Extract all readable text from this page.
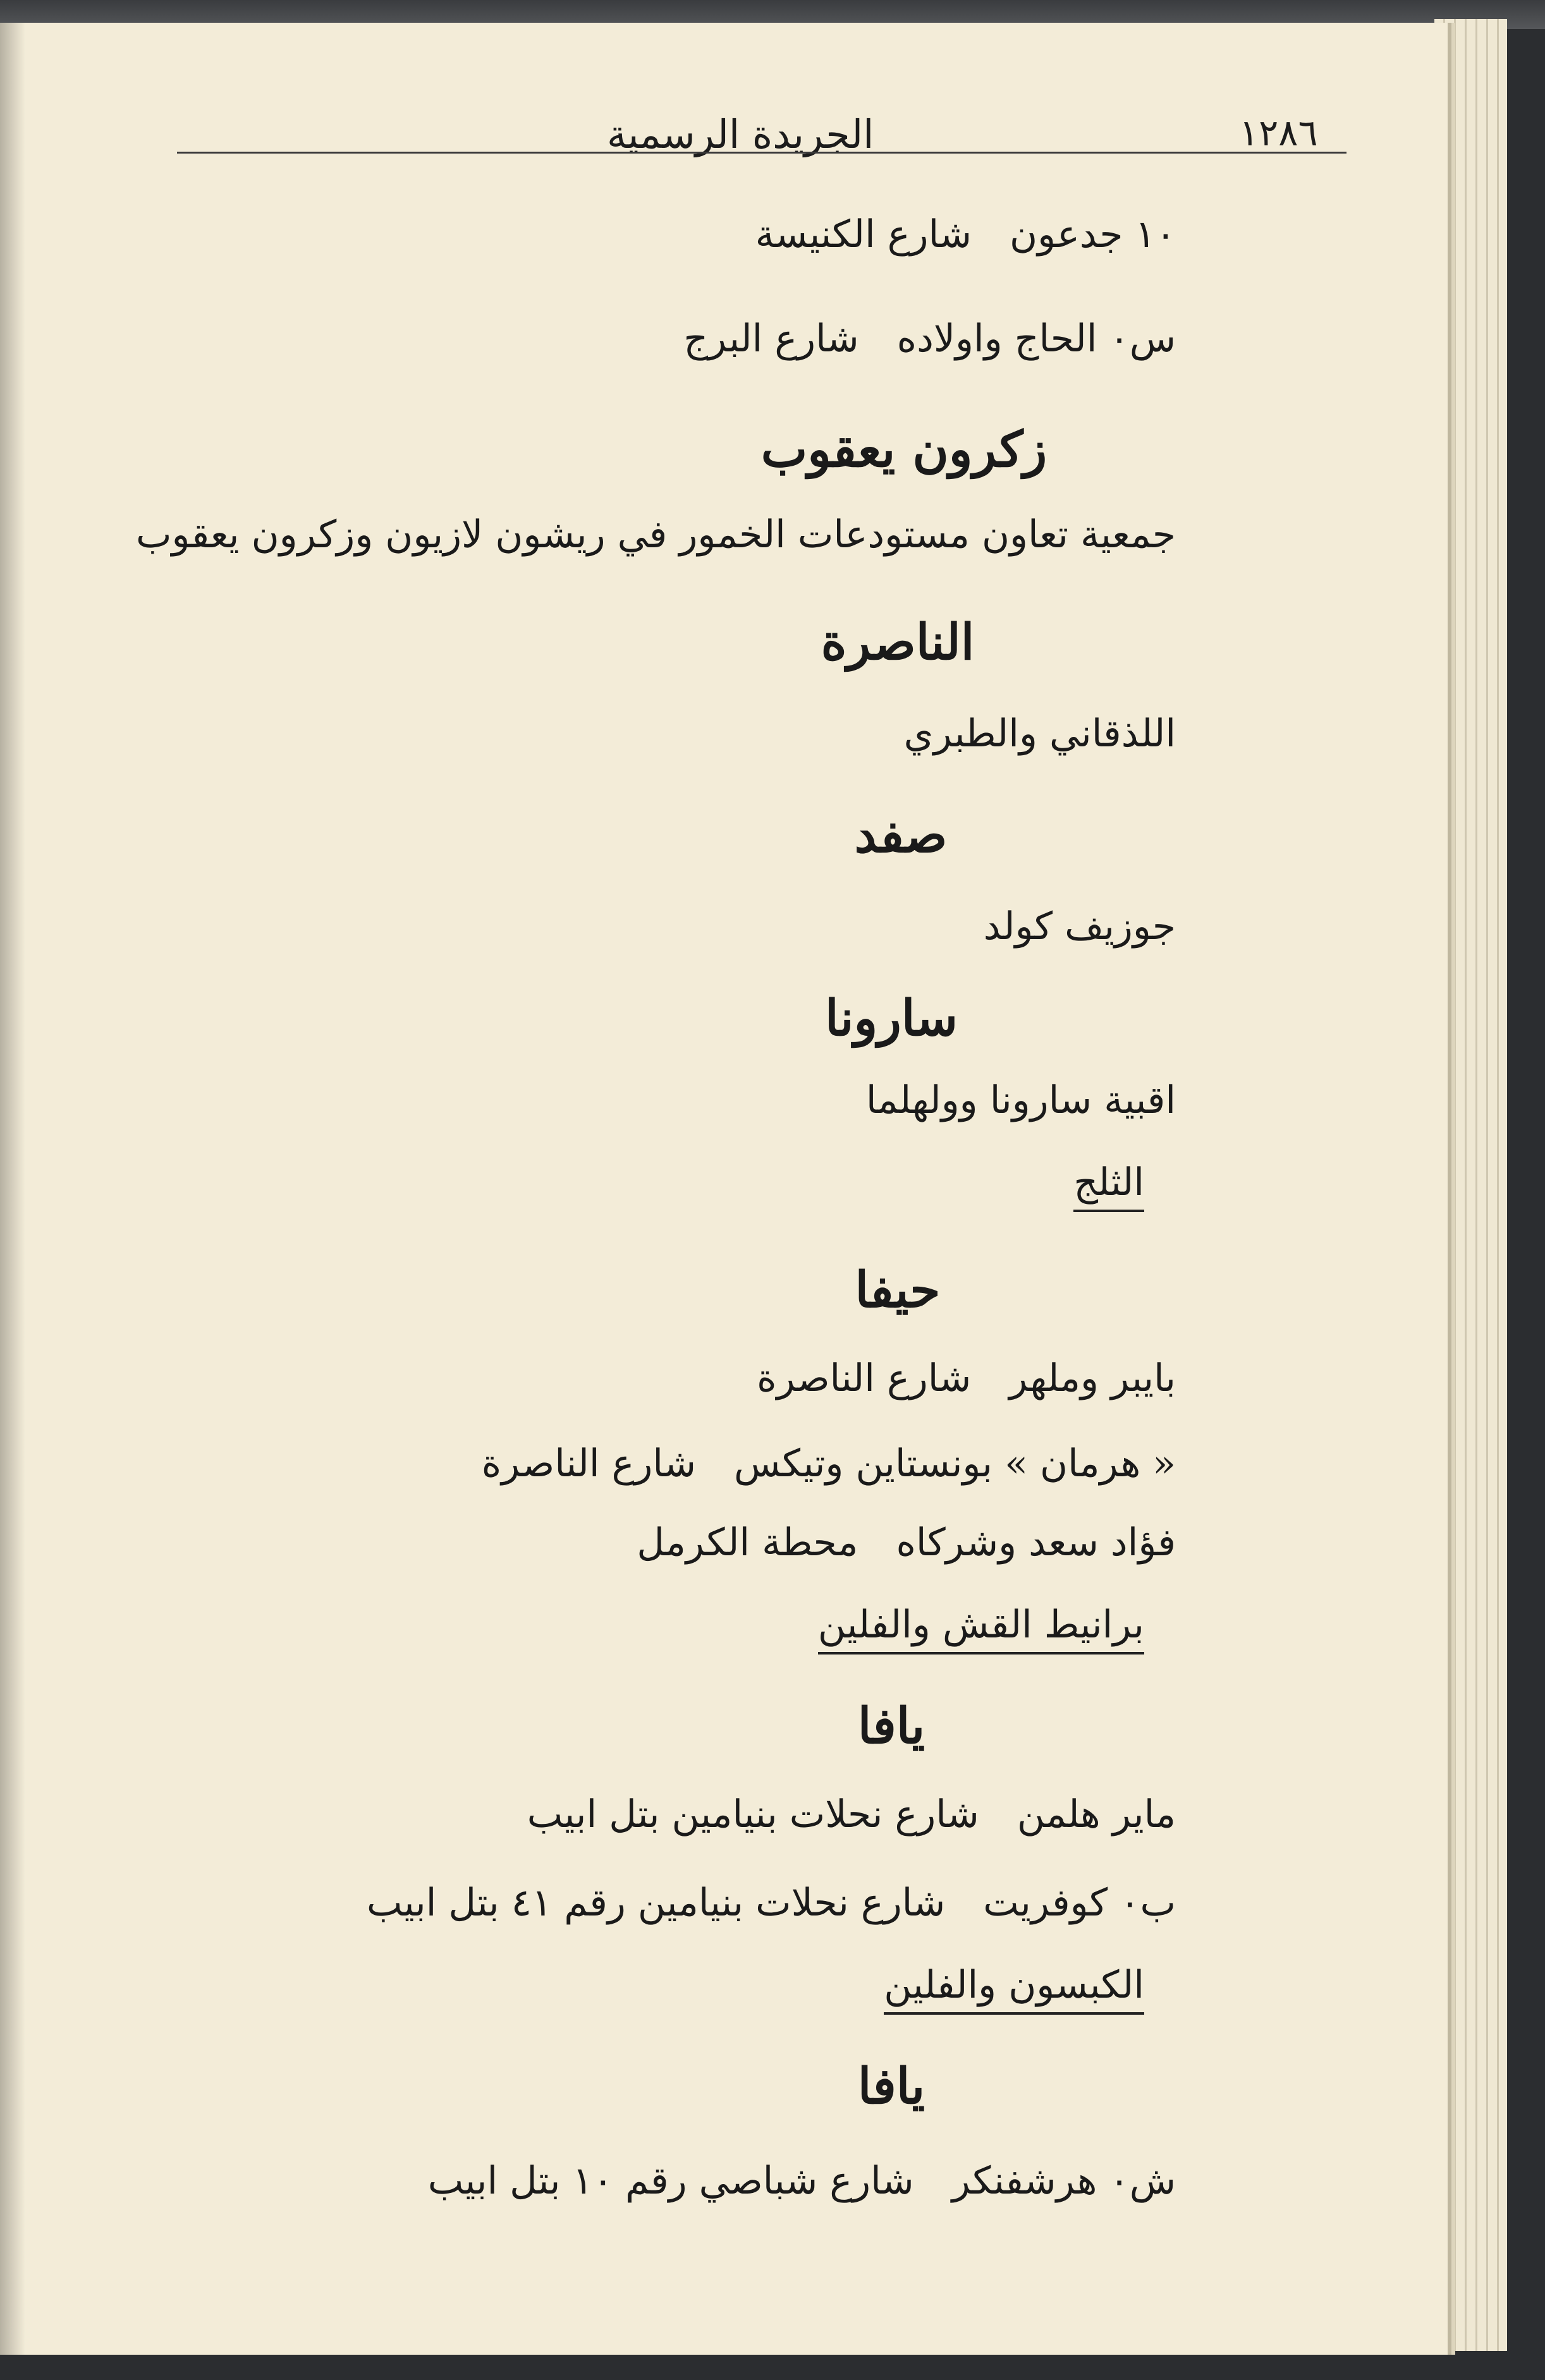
١٢٨٦
الجريدة الرسمية
١٠ جدعونشارع الكنيسة
س٠ الحاج واولادهشارع البرج
زكرون يعقوب
جمعية تعاون مستودعات الخمور في ريشون لازيون وزكرون يعقوب
الناصرة
اللذقاني والطبري
صفد
جوزيف كولد
سارونا
اقبية سارونا وولهلما
الثلج
حيفا
بايبر وملهرشارع الناصرة
« هرمان » بونستاين وتيكسشارع الناصرة
فؤاد سعد وشركاهمحطة الكرمل
برانيط القش والفلين
يافا
ماير هلمنشارع نحلات بنيامين بتل ابيب
ب٠ كوفريتشارع نحلات بنيامين رقم ٤١ بتل ابيب
الكبسون والفلين
يافا
ش٠ هرشفنكرشارع شباصي رقم ١٠ بتل ابيب
